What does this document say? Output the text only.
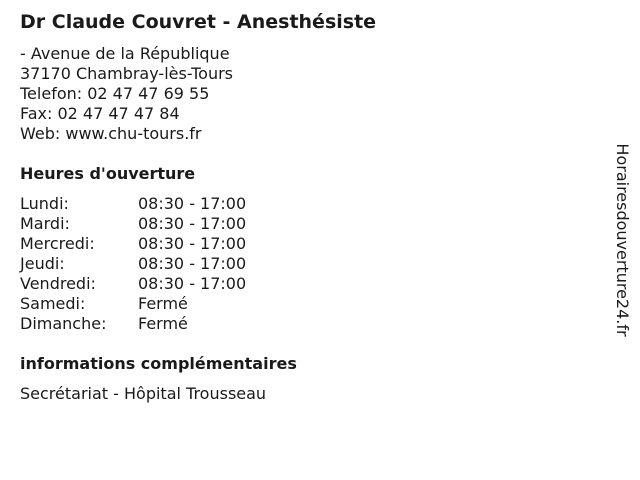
Dr Claude Couvret - Anesthésiste
- Avenue de la République
37170 Chambray-lès-Tours
Telefon: 02 47 47 69 55
Fax: 02 47 47 47 84
Web: www.chu-tours.fr
Heures d'ouverture
Lundi:	08:30 - 17:00
Mardi:	08:30 - 17:00
Mercredi:	08:30 - 17:00
Jeudi:	08:30 - 17:00
Vendredi:	08:30 - 17:00
Samedi:	Fermé
Dimanche:	Fermé
informations complémentaires
Secrétariat - Hôpital Trousseau
Horairesdouverture24.fr
